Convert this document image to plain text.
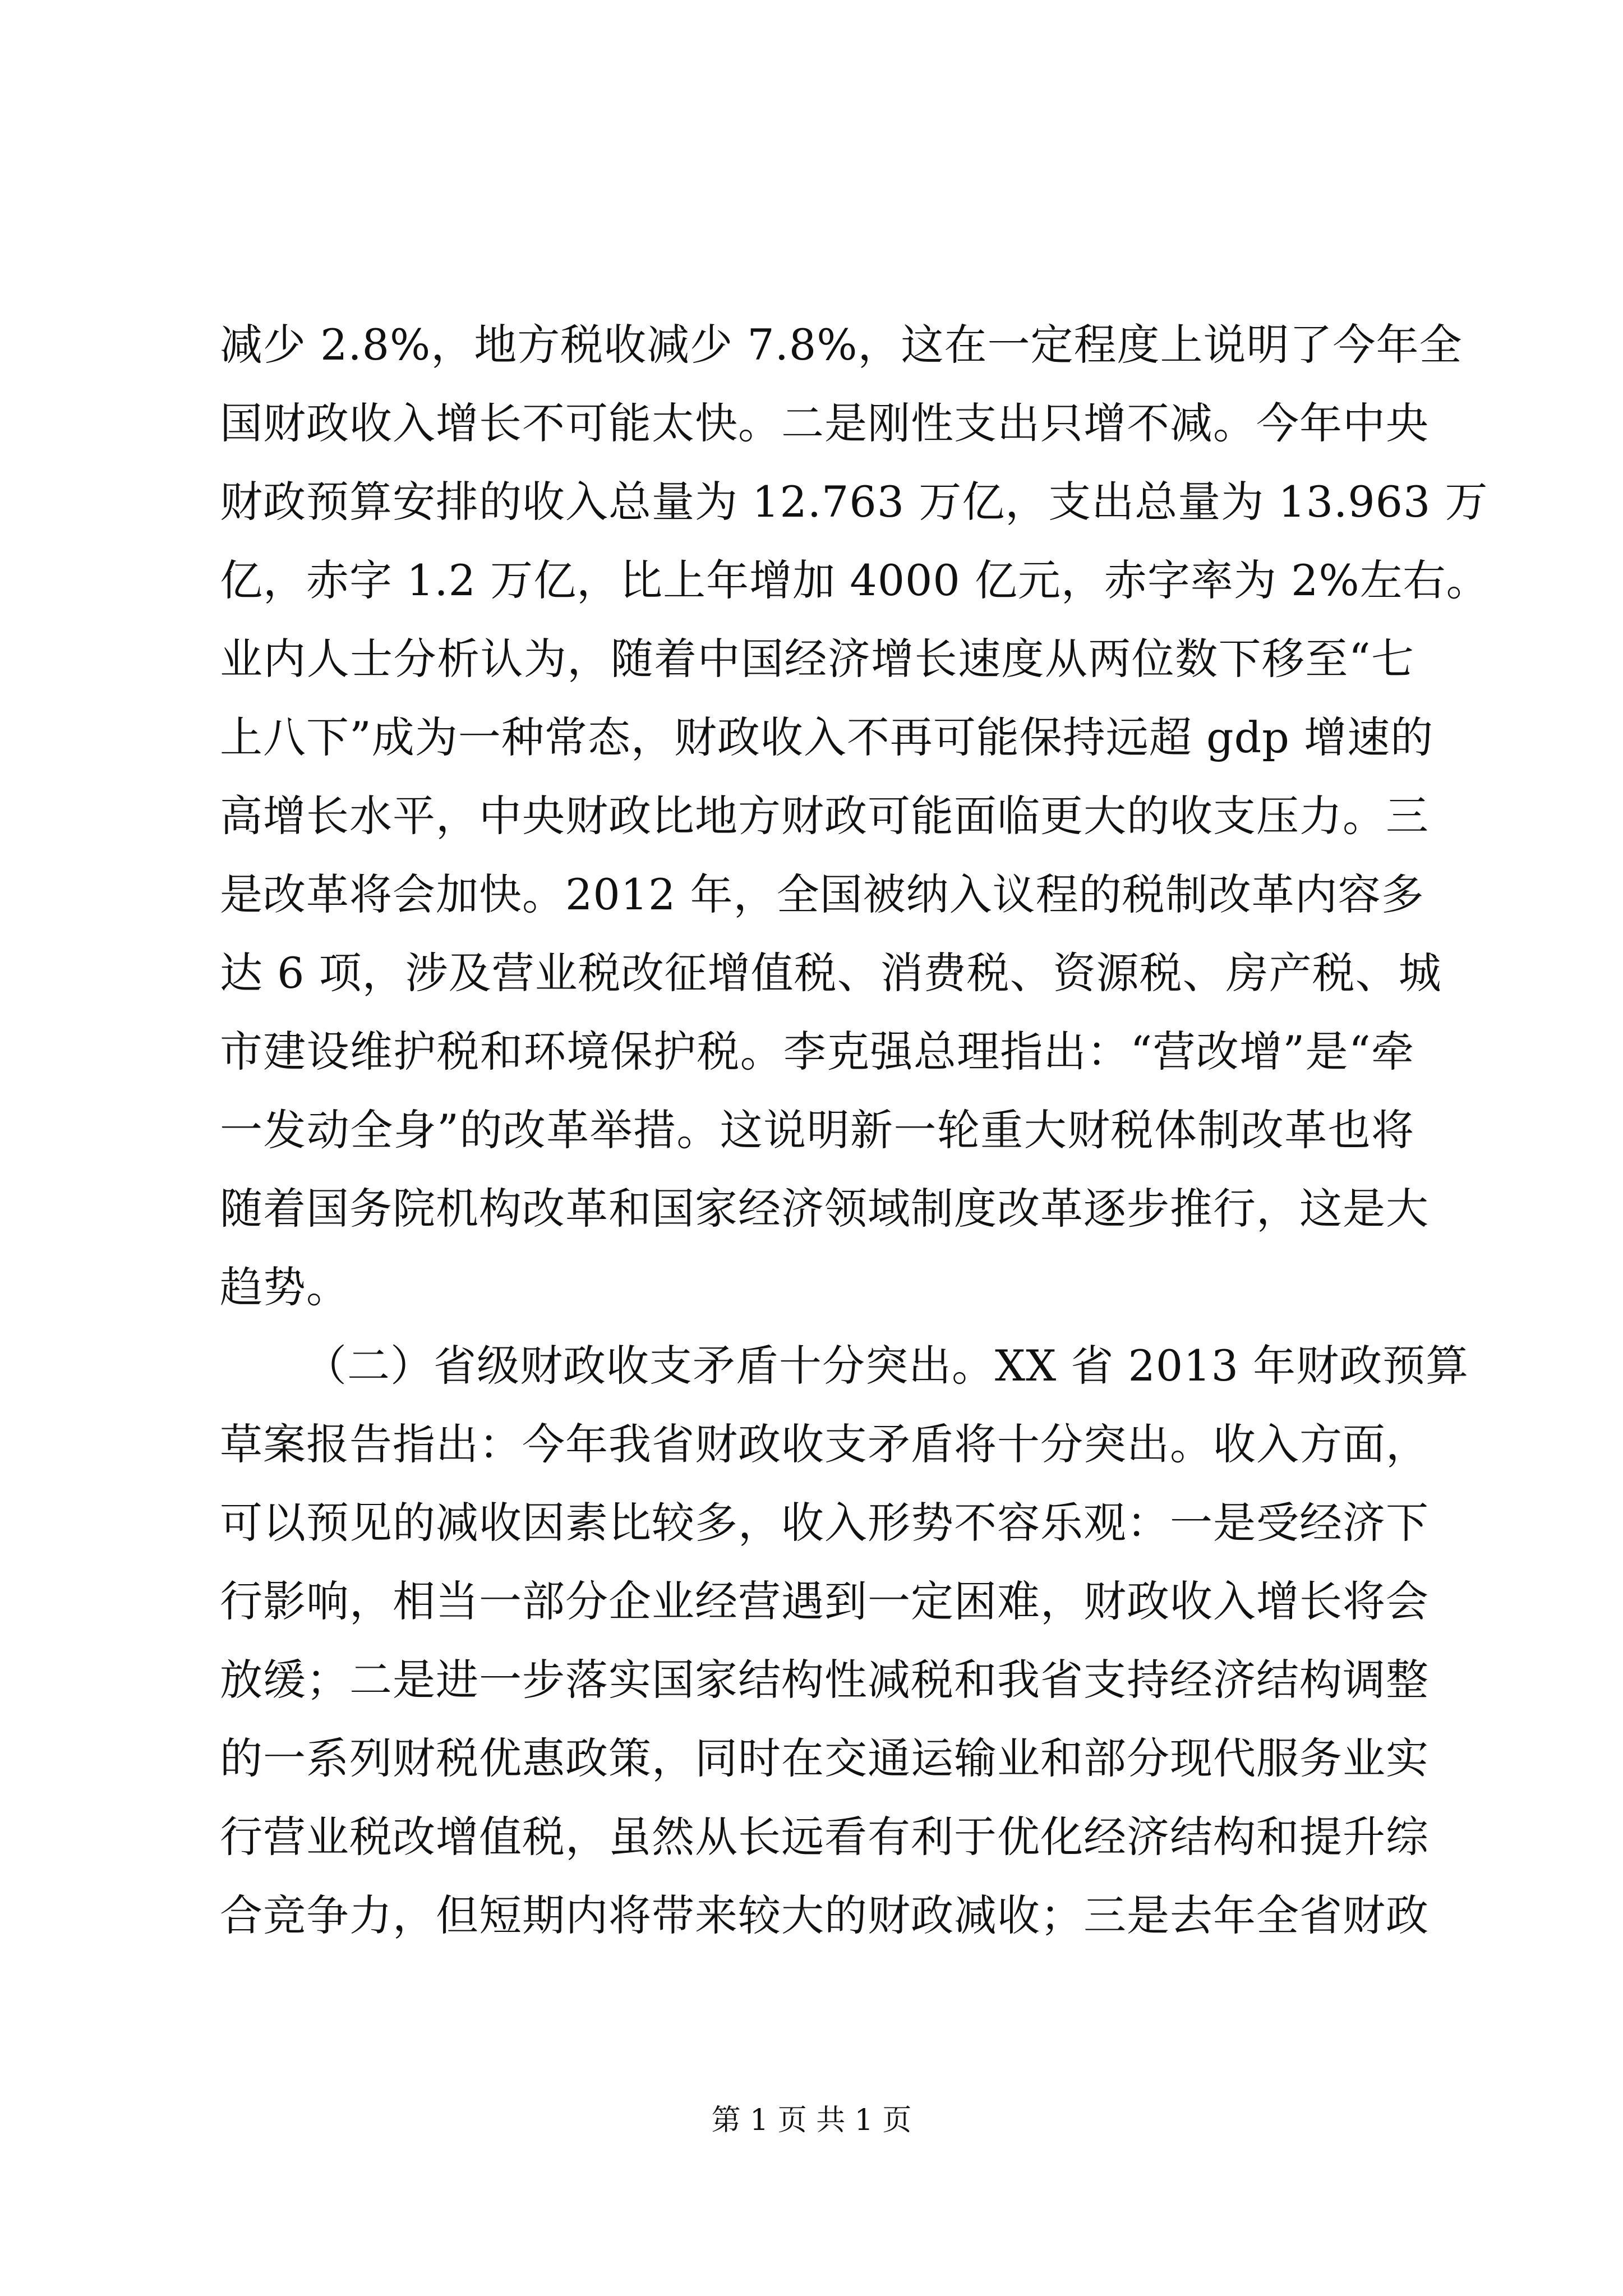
减少 2.8%，地方税收减少 7.8%，这在一定程度上说明了今年全
国财政收入增长不可能太快。二是刚性支出只增不减。今年中央
财政预算安排的收入总量为 12.763 万亿，支出总量为 13.963 万
亿，赤字 1.2 万亿，比上年增加 4000 亿元，赤字率为 2%左右。
业内人士分析认为，随着中国经济增长速度从两位数下移至“七
上八下”成为一种常态，财政收入不再可能保持远超 gdp 增速的
高增长水平，中央财政比地方财政可能面临更大的收支压力。三
是改革将会加快。2012 年，全国被纳入议程的税制改革内容多
达 6 项，涉及营业税改征增值税、消费税、资源税、房产税、城
市建设维护税和环境保护税。李克强总理指出：“营改增”是“牵
一发动全身”的改革举措。这说明新一轮重大财税体制改革也将
随着国务院机构改革和国家经济领域制度改革逐步推行，这是大
趋势。
（二）省级财政收支矛盾十分突出。XX 省 2013 年财政预算
草案报告指出：今年我省财政收支矛盾将十分突出。收入方面，
可以预见的减收因素比较多，收入形势不容乐观：一是受经济下
行影响，相当一部分企业经营遇到一定困难，财政收入增长将会
放缓；二是进一步落实国家结构性减税和我省支持经济结构调整
的一系列财税优惠政策，同时在交通运输业和部分现代服务业实
行营业税改增值税，虽然从长远看有利于优化经济结构和提升综
合竞争力，但短期内将带来较大的财政减收；三是去年全省财政
第 1 页 共 1 页
